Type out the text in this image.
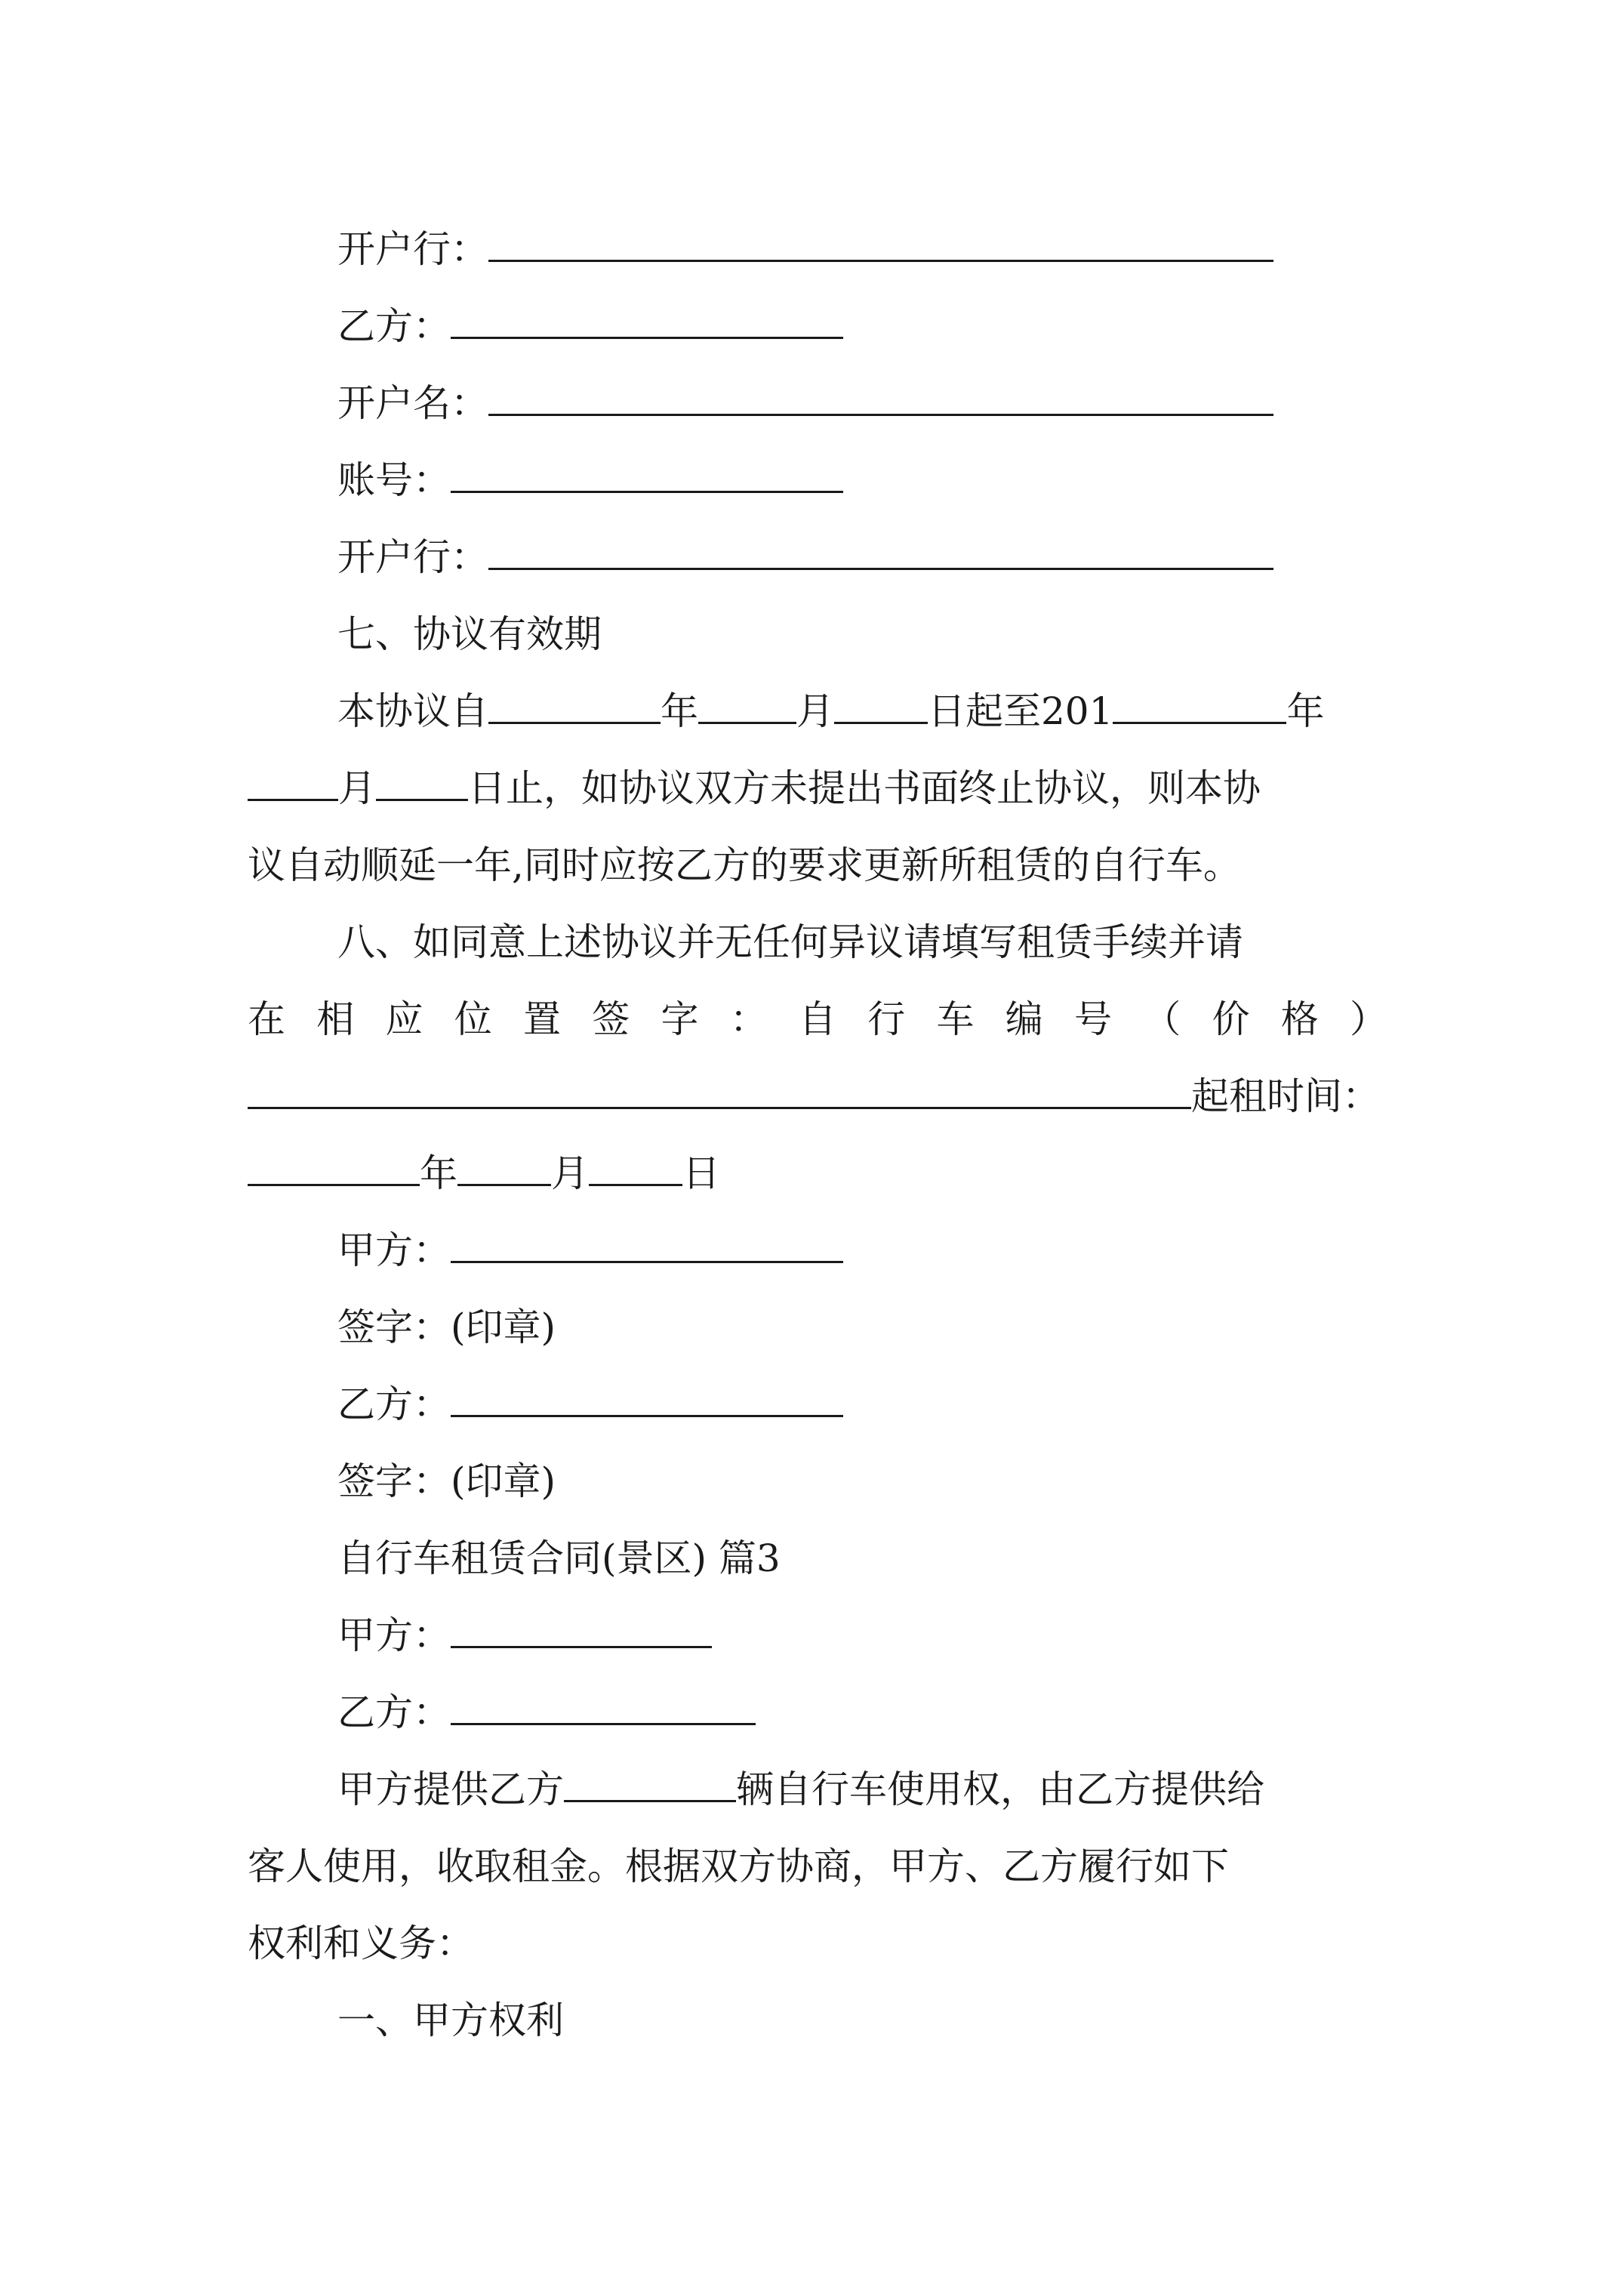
开户行：
乙方：
开户名：
账号：
开户行：
七、协议有效期
本协议自	年	月 日起至201	年
月 日止，如协议双方未提出书面终止协议，则本协
议自动顺延一年,同时应按乙方的要求更新所租赁的自行车。
八、如同意上述协议并无任何异议请填写租赁手续并请
在 相 应 位 置 签 字 ： 自 行 车 编 号 （ 价 格 ）
起租时间：
年 月 日
甲方：
签字：(印章)
乙方：
签字：(印章)
自行车租赁合同(景区) 篇3
甲方：
乙方：
甲方提供乙方	辆自行车使用权，由乙方提供给
客人使用，收取租金。根据双方协商，甲方、乙方履行如下
权利和义务：
一、甲方权利
